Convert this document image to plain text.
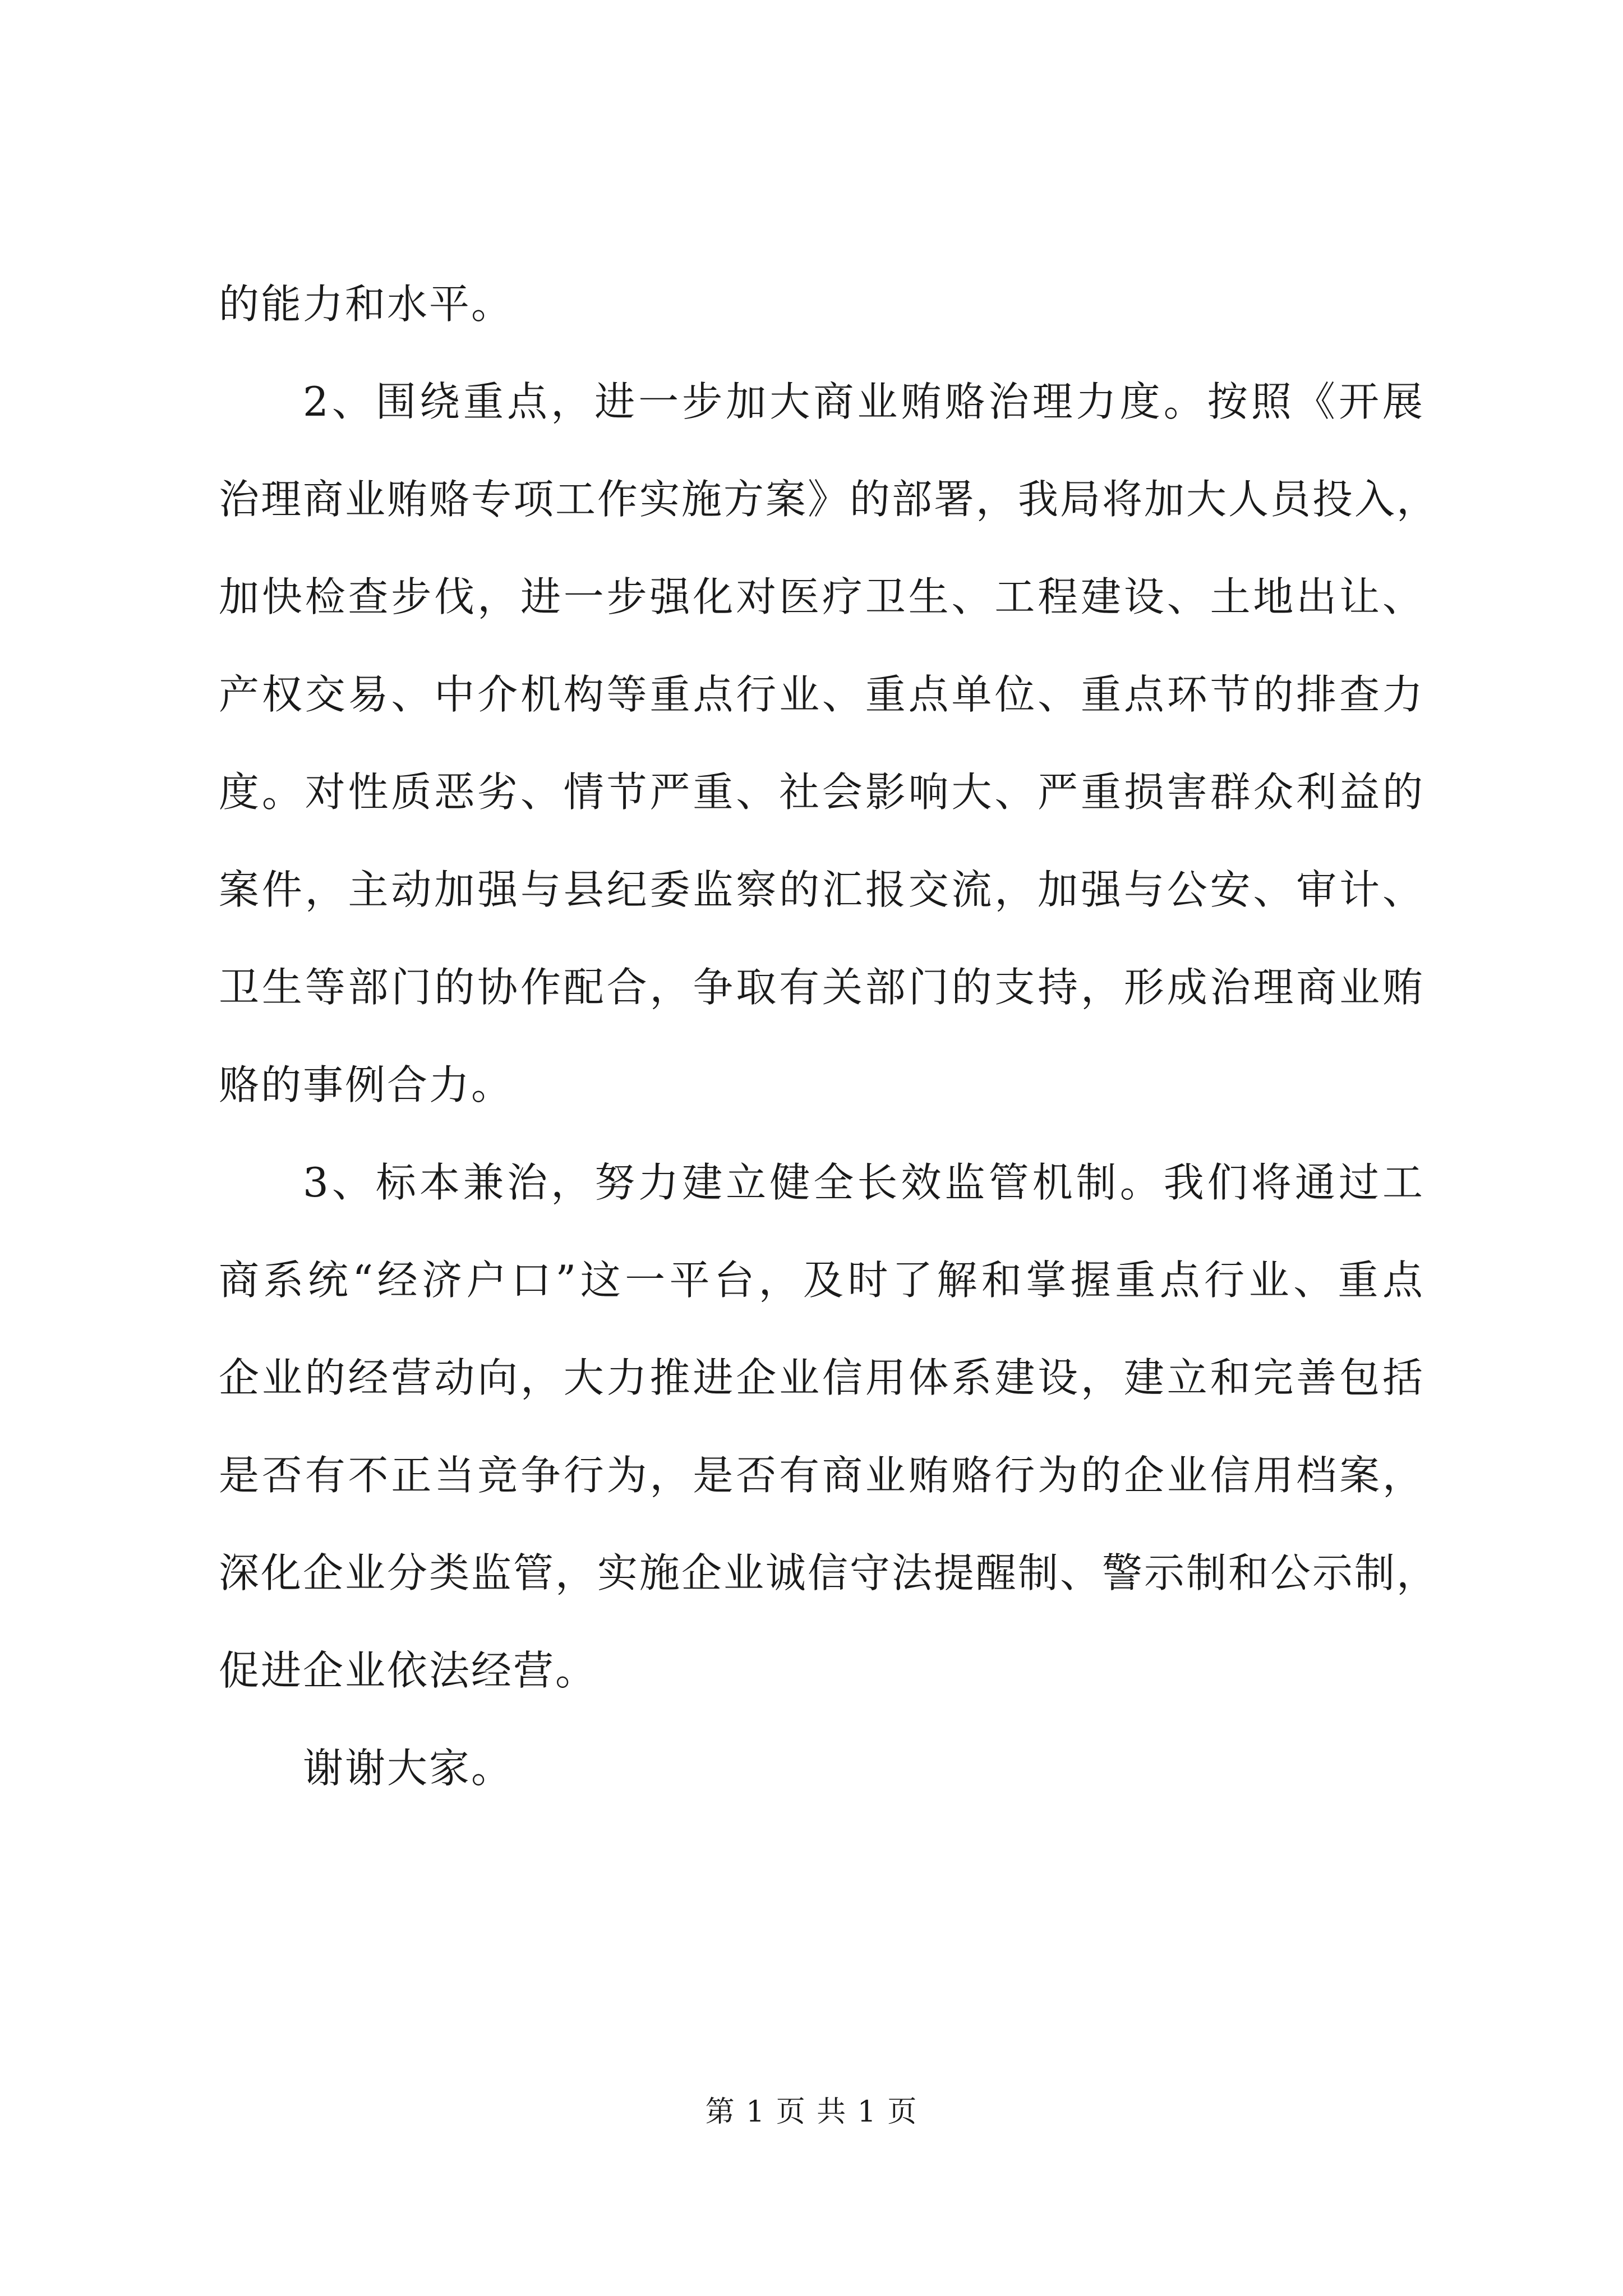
的能力和水平。
2、围绕重点，进一步加大商业贿赂治理力度。按照《开展
治理商业贿赂专项工作实施方案》的部署，我局将加大人员投入，
加快检查步伐，进一步强化对医疗卫生、工程建设、土地出让、
产权交易、中介机构等重点行业、重点单位、重点环节的排查力
度。对性质恶劣、情节严重、社会影响大、严重损害群众利益的
案件，主动加强与县纪委监察的汇报交流，加强与公安、审计、
卫生等部门的协作配合，争取有关部门的支持，形成治理商业贿
赂的事例合力。
3、标本兼治，努力建立健全长效监管机制。我们将通过工
商系统“经济户口”这一平台，及时了解和掌握重点行业、重点
企业的经营动向，大力推进企业信用体系建设，建立和完善包括
是否有不正当竞争行为，是否有商业贿赂行为的企业信用档案，
深化企业分类监管，实施企业诚信守法提醒制、警示制和公示制，
促进企业依法经营。
谢谢大家。
第 1 页 共 1 页
